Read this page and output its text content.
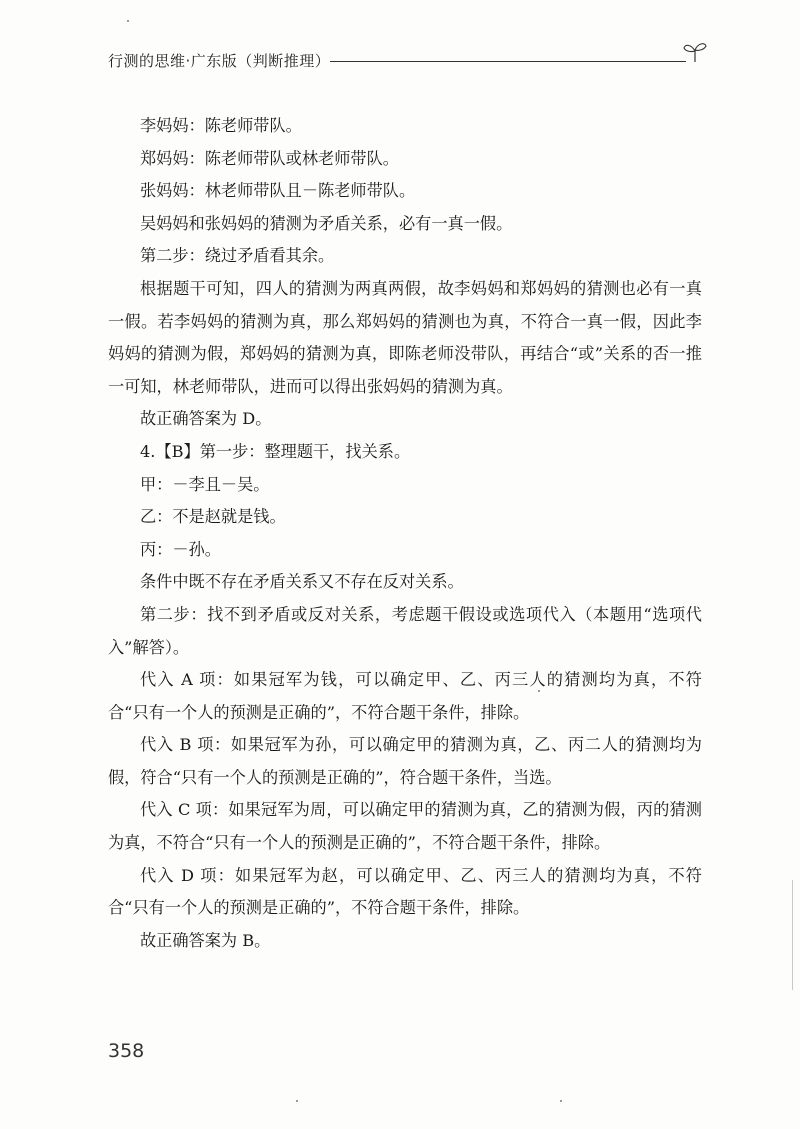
行测的思维·广东版（判断推理）

李妈妈：陈老师带队。

郑妈妈：陈老师带队或林老师带队。

张妈妈：林老师带队且－陈老师带队。

吴妈妈和张妈妈的猜测为矛盾关系，必有一真一假。

第二步：绕过矛盾看其余。

根据题干可知，四人的猜测为两真两假，故李妈妈和郑妈妈的猜测也必有一真一假。若李妈妈的猜测为真，那么郑妈妈的猜测也为真，不符合一真一假，因此李妈妈的猜测为假，郑妈妈的猜测为真，即陈老师没带队，再结合“或”关系的否一推一可知，林老师带队，进而可以得出张妈妈的猜测为真。

故正确答案为 D。

4.【B】第一步：整理题干，找关系。

甲：－李且－吴。

乙：不是赵就是钱。

丙：－孙。

条件中既不存在矛盾关系又不存在反对关系。

第二步：找不到矛盾或反对关系，考虑题干假设或选项代入（本题用“选项代入”解答）。

代入 A 项：如果冠军为钱，可以确定甲、乙、丙三人的猜测均为真，不符合“只有一个人的预测是正确的”，不符合题干条件，排除。

代入 B 项：如果冠军为孙，可以确定甲的猜测为真，乙、丙二人的猜测均为假，符合“只有一个人的预测是正确的”，符合题干条件，当选。

代入 C 项：如果冠军为周，可以确定甲的猜测为真，乙的猜测为假，丙的猜测为真，不符合“只有一个人的预测是正确的”，不符合题干条件，排除。

代入 D 项：如果冠军为赵，可以确定甲、乙、丙三人的猜测均为真，不符合“只有一个人的预测是正确的”，不符合题干条件，排除。

故正确答案为 B。

358
